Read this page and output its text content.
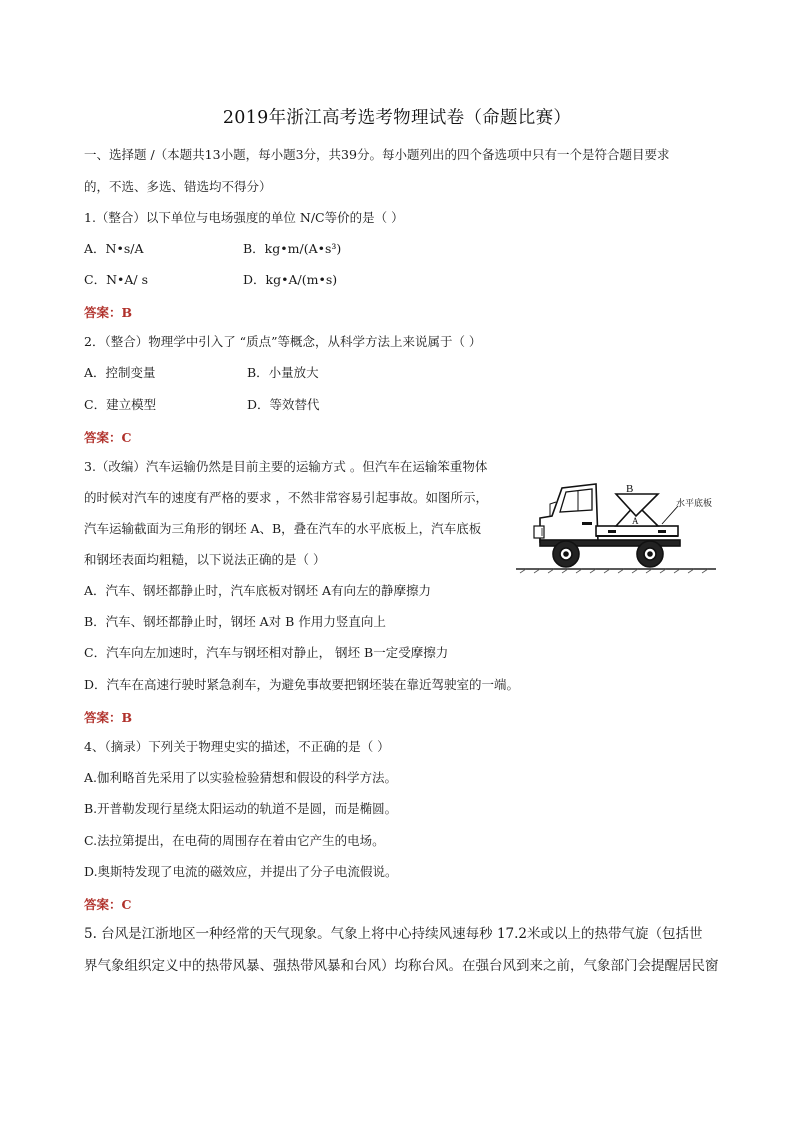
2019年浙江高考选考物理试卷（命题比赛）
一、选择题 /（本题共13小题，每小题3分，共39分。每小题列出的四个备选项中只有一个是符合题目要求
的，不选、多选、错选均不得分）
1.（整合）以下单位与电场强度的单位 N/C等价的是（ ）
A．N•s/A	B．kg•m/(A•s³)
C．N•A/ s	D．kg•A/(m•s)
答案：B
2．（整合）物理学中引入了 “质点”等概念，从科学方法上来说属于（ ）
A．控制变量	B．小量放大
C．建立模型	D．等效替代
答案：C
3.（改编）汽车运输仍然是目前主要的运输方式 。但汽车在运输笨重物体
的时候对汽车的速度有严格的要求 ，不然非常容易引起事故。如图所示，
汽车运输截面为三角形的钢坯 A、B，叠在汽车的水平底板上，汽车底板
和钢坯表面均粗糙，以下说法正确的是（ ）
B
A
水平底板
A．汽车、钢坯都静止时，汽车底板对钢坯 A有向左的静摩擦力
B．汽车、钢坯都静止时，钢坯 A对 B 作用力竖直向上
C．汽车向左加速时，汽车与钢坯相对静止， 钢坯 B一定受摩擦力
D．汽车在高速行驶时紧急刹车，为避免事故要把钢坯装在靠近驾驶室的一端。
答案：B
4、（摘录）下列关于物理史实的描述，不正确的是（ ）
A.伽利略首先采用了以实验检验猜想和假设的科学方法。
B.开普勒发现行星绕太阳运动的轨道不是圆，而是椭圆。
C.法拉第提出，在电荷的周围存在着由它产生的电场。
D.奥斯特发现了电流的磁效应，并提出了分子电流假说。
答案：C
5. 台风是江浙地区一种经常的天气现象。气象上将中心持续风速每秒 17.2米或以上的热带气旋（包括世
界气象组织定义中的热带风暴、强热带风暴和台风）均称台风。在强台风到来之前，气象部门会提醒居民窗
